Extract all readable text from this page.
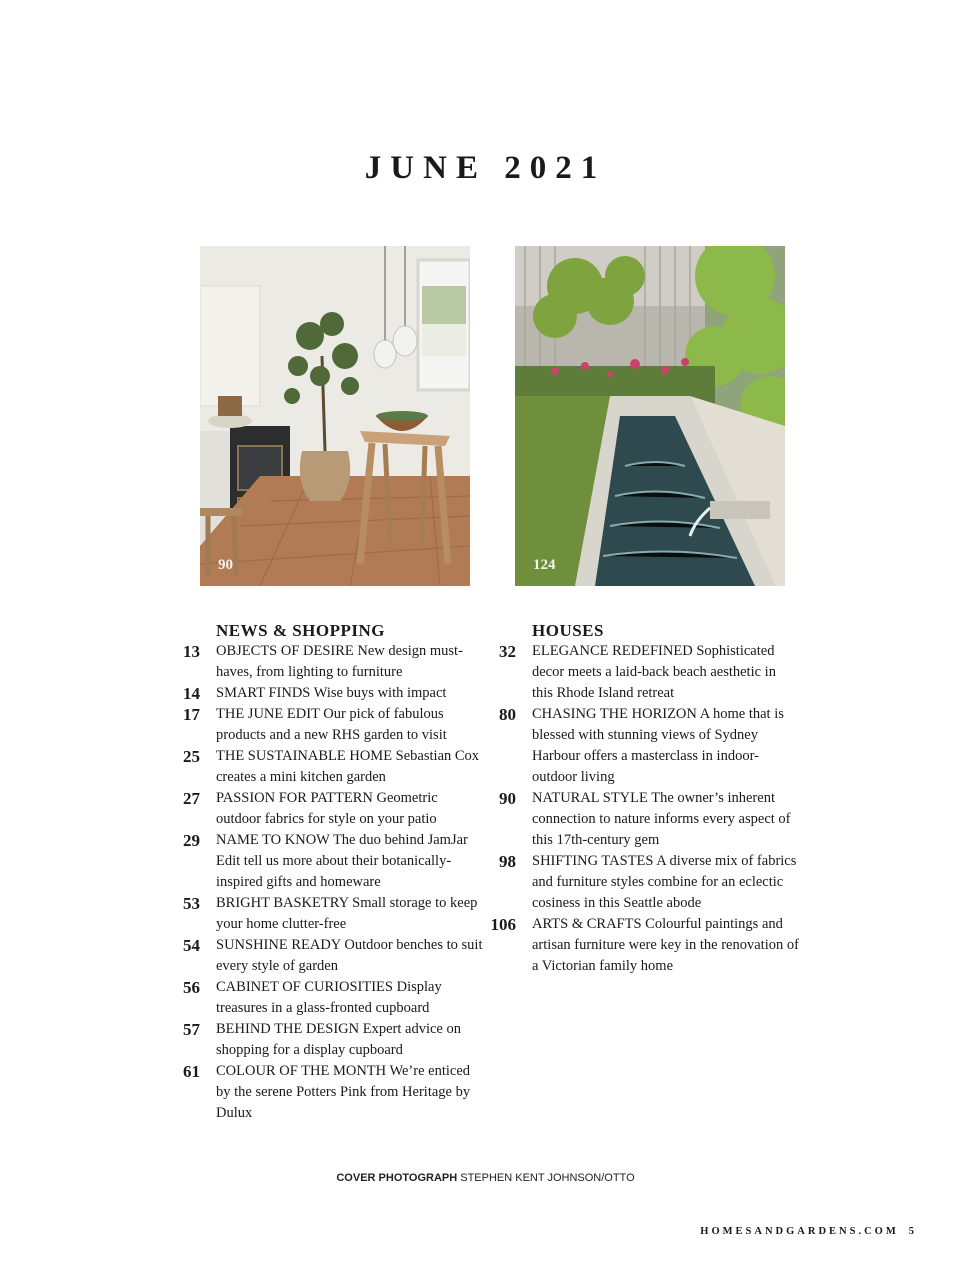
JUNE 2021
90	124
NEWS & SHOPPING
13 OBJECTS OF DESIRE New design must-haves, from lighting to furniture
14 SMART FINDS Wise buys with impact
17 THE JUNE EDIT Our pick of fabulous products and a new RHS garden to visit
25 THE SUSTAINABLE HOME Sebastian Cox creates a mini kitchen garden
27 PASSION FOR PATTERN Geometric outdoor fabrics for style on your patio
29 NAME TO KNOW The duo behind JamJar Edit tell us more about their botanically-inspired gifts and homeware
53 BRIGHT BASKETRY Small storage to keep your home clutter-free
54 SUNSHINE READY Outdoor benches to suit every style of garden
56 CABINET OF CURIOSITIES Display treasures in a glass-fronted cupboard
57 BEHIND THE DESIGN Expert advice on shopping for a display cupboard
61 COLOUR OF THE MONTH We’re enticed by the serene Potters Pink from Heritage by Dulux
HOUSES
32 ELEGANCE REDEFINED Sophisticated decor meets a laid-back beach aesthetic in this Rhode Island retreat
80 CHASING THE HORIZON A home that is blessed with stunning views of Sydney Harbour offers a masterclass in indoor-outdoor living
90 NATURAL STYLE The owner’s inherent connection to nature informs every aspect of this 17th-century gem
98 SHIFTING TASTES A diverse mix of fabrics and furniture styles combine for an eclectic cosiness in this Seattle abode
106 ARTS & CRAFTS Colourful paintings and artisan furniture were key in the renovation of a Victorian family home
COVER PHOTOGRAPH STEPHEN KENT JOHNSON/OTTO
HOMESANDGARDENS.COM 5
